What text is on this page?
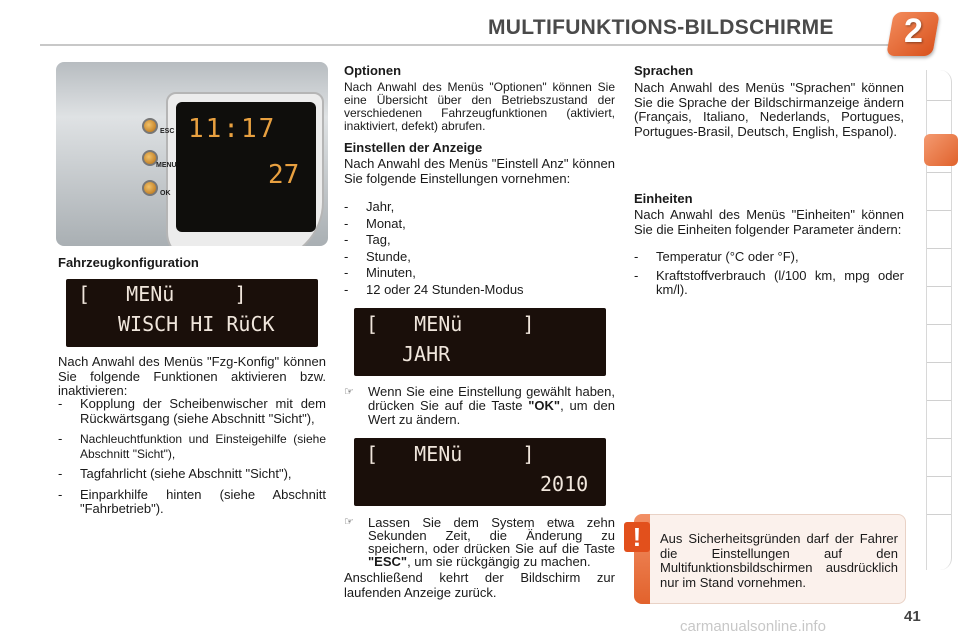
MULTIFUNKTIONS-BILDSCHIRME 2
11:17
27
ESC
MENU
OK
Fahrzeugkonfiguration
[   MENü     ]
WISCH HI RüCK
Nach Anwahl des Menüs "Fzg-Konfig" können Sie folgende Funktionen aktivieren bzw. inaktivieren:
- Kopplung der Scheibenwischer mit dem Rückwärtsgang (siehe Abschnitt "Sicht"),
- Nachleuchtfunktion und Einsteigehilfe (siehe Abschnitt "Sicht"),
- Tagfahrlicht (siehe Abschnitt "Sicht"),
- Einparkhilfe hinten (siehe Abschnitt "Fahrbetrieb").
Optionen
Nach Anwahl des Menüs "Optionen" können Sie eine Übersicht über den Betriebszustand der verschiedenen Fahrzeugfunktionen (aktiviert, inaktiviert, defekt) abrufen.
Einstellen der Anzeige
Nach Anwahl des Menüs "Einstell Anz" können Sie folgende Einstellungen vornehmen:
- Jahr,
- Monat,
- Tag,
- Stunde,
- Minuten,
- 12 oder 24 Stunden-Modus
[   MENü     ]
JAHR
☞ Wenn Sie eine Einstellung gewählt haben, drücken Sie auf die Taste "OK", um den Wert zu ändern.
[   MENü     ]
2010
☞ Lassen Sie dem System etwa zehn Sekunden Zeit, die Änderung zu speichern, oder drücken Sie auf die Taste "ESC", um sie rückgängig zu machen.
Anschließend kehrt der Bildschirm zur laufenden Anzeige zurück.
Sprachen
Nach Anwahl des Menüs "Sprachen" können Sie die Sprache der Bildschirmanzeige ändern (Français, Italiano, Nederlands, Portugues, Portugues-Brasil, Deutsch, English, Espanol).
Einheiten
Nach Anwahl des Menüs "Einheiten" können Sie die Einheiten folgender Parameter ändern:
- Temperatur (°C oder °F),
- Kraftstoffverbrauch (l/100 km, mpg oder km/l).
!	Aus Sicherheitsgründen darf der Fahrer die Einstellungen auf den Multifunktionsbildschirmen ausdrücklich nur im Stand vornehmen.
41
carmanualsonline.info
